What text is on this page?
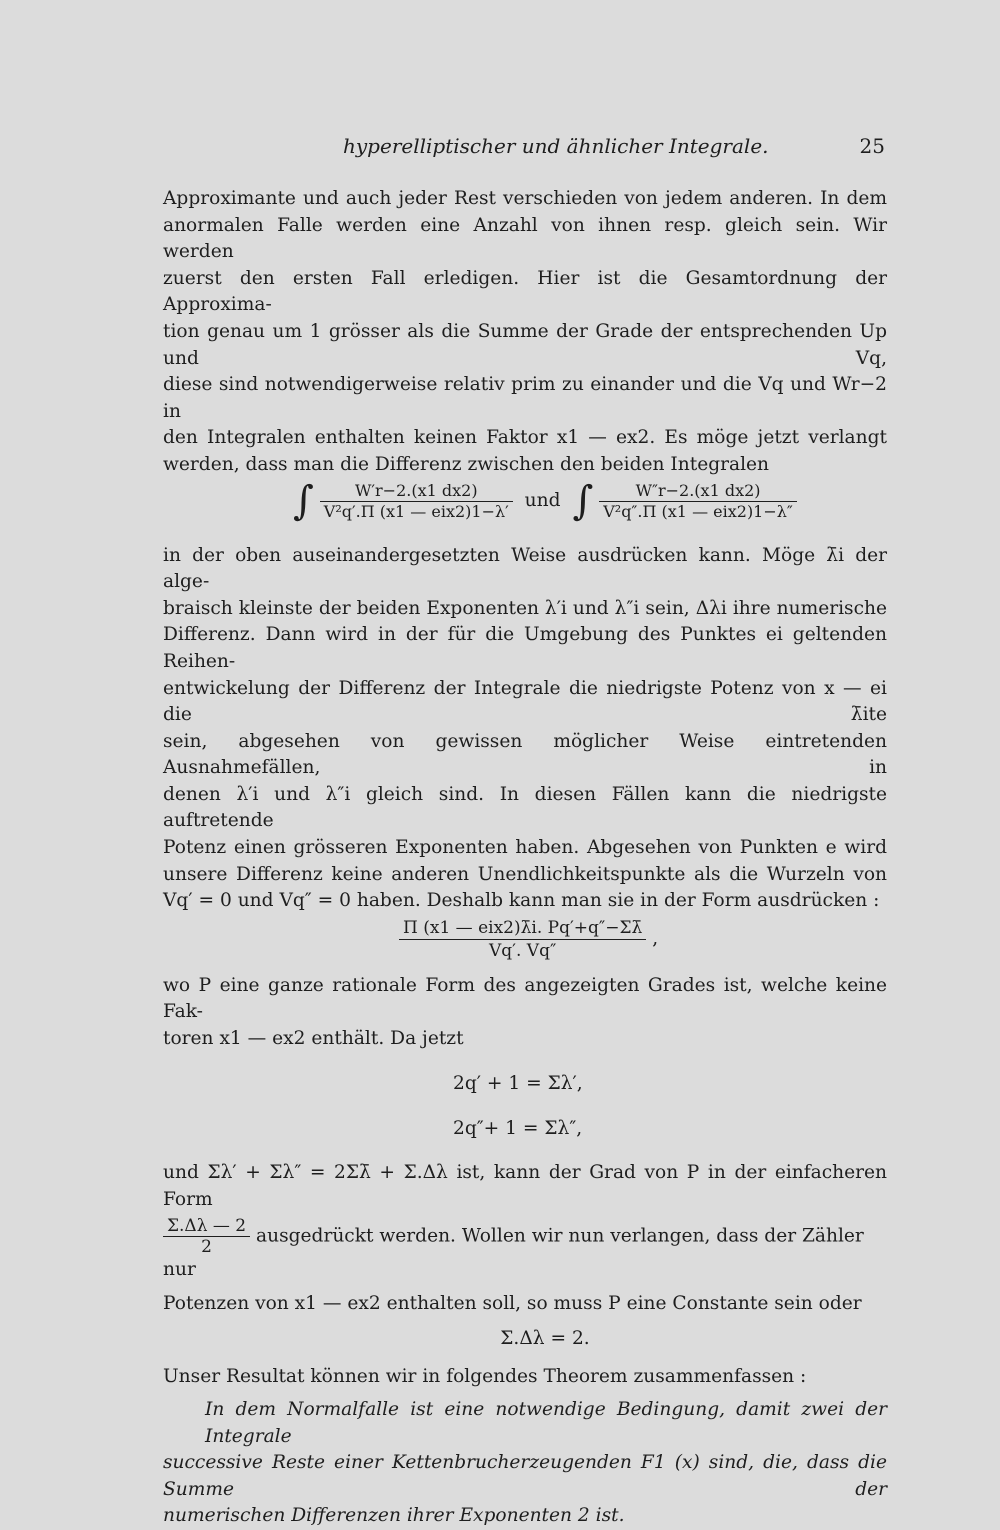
hyperelliptischer und ähnlicher Integrale.	25

Approximante und auch jeder Rest verschieden von jedem anderen. In dem

anormalen Falle werden eine Anzahl von ihnen resp. gleich sein. Wir werden

zuerst den ersten Fall erledigen. Hier ist die Gesamtordnung der Approxima-

tion genau um 1 grösser als die Summe der Grade der entsprechenden Up und Vq,

diese sind notwendigerweise relativ prim zu einander und die Vq und Wr−2 in

den Integralen enthalten keinen Faktor x1 — ex2. Es möge jetzt verlangt

werden, dass man die Differenz zwischen den beiden Integralen

∫ $\frac{W'r-2.(x1 dx2)}{\text{V²q′.Π (x1 — eix2)1−λ′}}$ und ∫ $\frac{W''r-2.(x1 dx2)}{\text{V²q″.Π (x1 — eix2)1−λ″}}$

in der oben auseinandergesetzten Weise ausdrücken kann. Möge λ̄i der alge-

braisch kleinste der beiden Exponenten λ′i und λ″i sein, Δλi ihre numerische

Differenz. Dann wird in der für die Umgebung des Punktes ei geltenden Reihen-

entwickelung der Differenz der Integrale die niedrigste Potenz von x — ei die λ̄ite

sein, abgesehen von gewissen möglicher Weise eintretenden Ausnahmefällen, in

denen λ′i und λ″i gleich sind. In diesen Fällen kann die niedrigste auftretende

Potenz einen grösseren Exponenten haben. Abgesehen von Punkten e wird

unsere Differenz keine anderen Unendlichkeitspunkte als die Wurzeln von

Vq′ = 0 und Vq″ = 0 haben. Deshalb kann man sie in der Form ausdrücken :

$\frac{\text{Π (x1 — eix2)λ̄i. Pq′+q″−Σλ̄}}{Vq'. Vq''}$ ,

wo P eine ganze rationale Form des angezeigten Grades ist, welche keine Fak-

toren x1 — ex2 enthält. Da jetzt

2q′ + 1 = Σλ′,

2q″+ 1 = Σλ″,

und Σλ′ + Σλ″ = 2Σλ̄ + Σ.Δλ ist, kann der Grad von P in der einfacheren Form

$\frac{\Sigma.\Delta\lambda — 2}{2}$ ausgedrückt werden. Wollen wir nun verlangen, dass der Zähler nur

Potenzen von x1 — ex2 enthalten soll, so muss P eine Constante sein oder

Σ.Δλ = 2.

Unser Resultat können wir in folgendes Theorem zusammenfassen :

In dem Normalfalle ist eine notwendige Bedingung, damit zwei der Integrale

successive Reste einer Kettenbrucherzeugenden F1 (x) sind, die, dass die Summe der

numerischen Differenzen ihrer Exponenten 2 ist.
